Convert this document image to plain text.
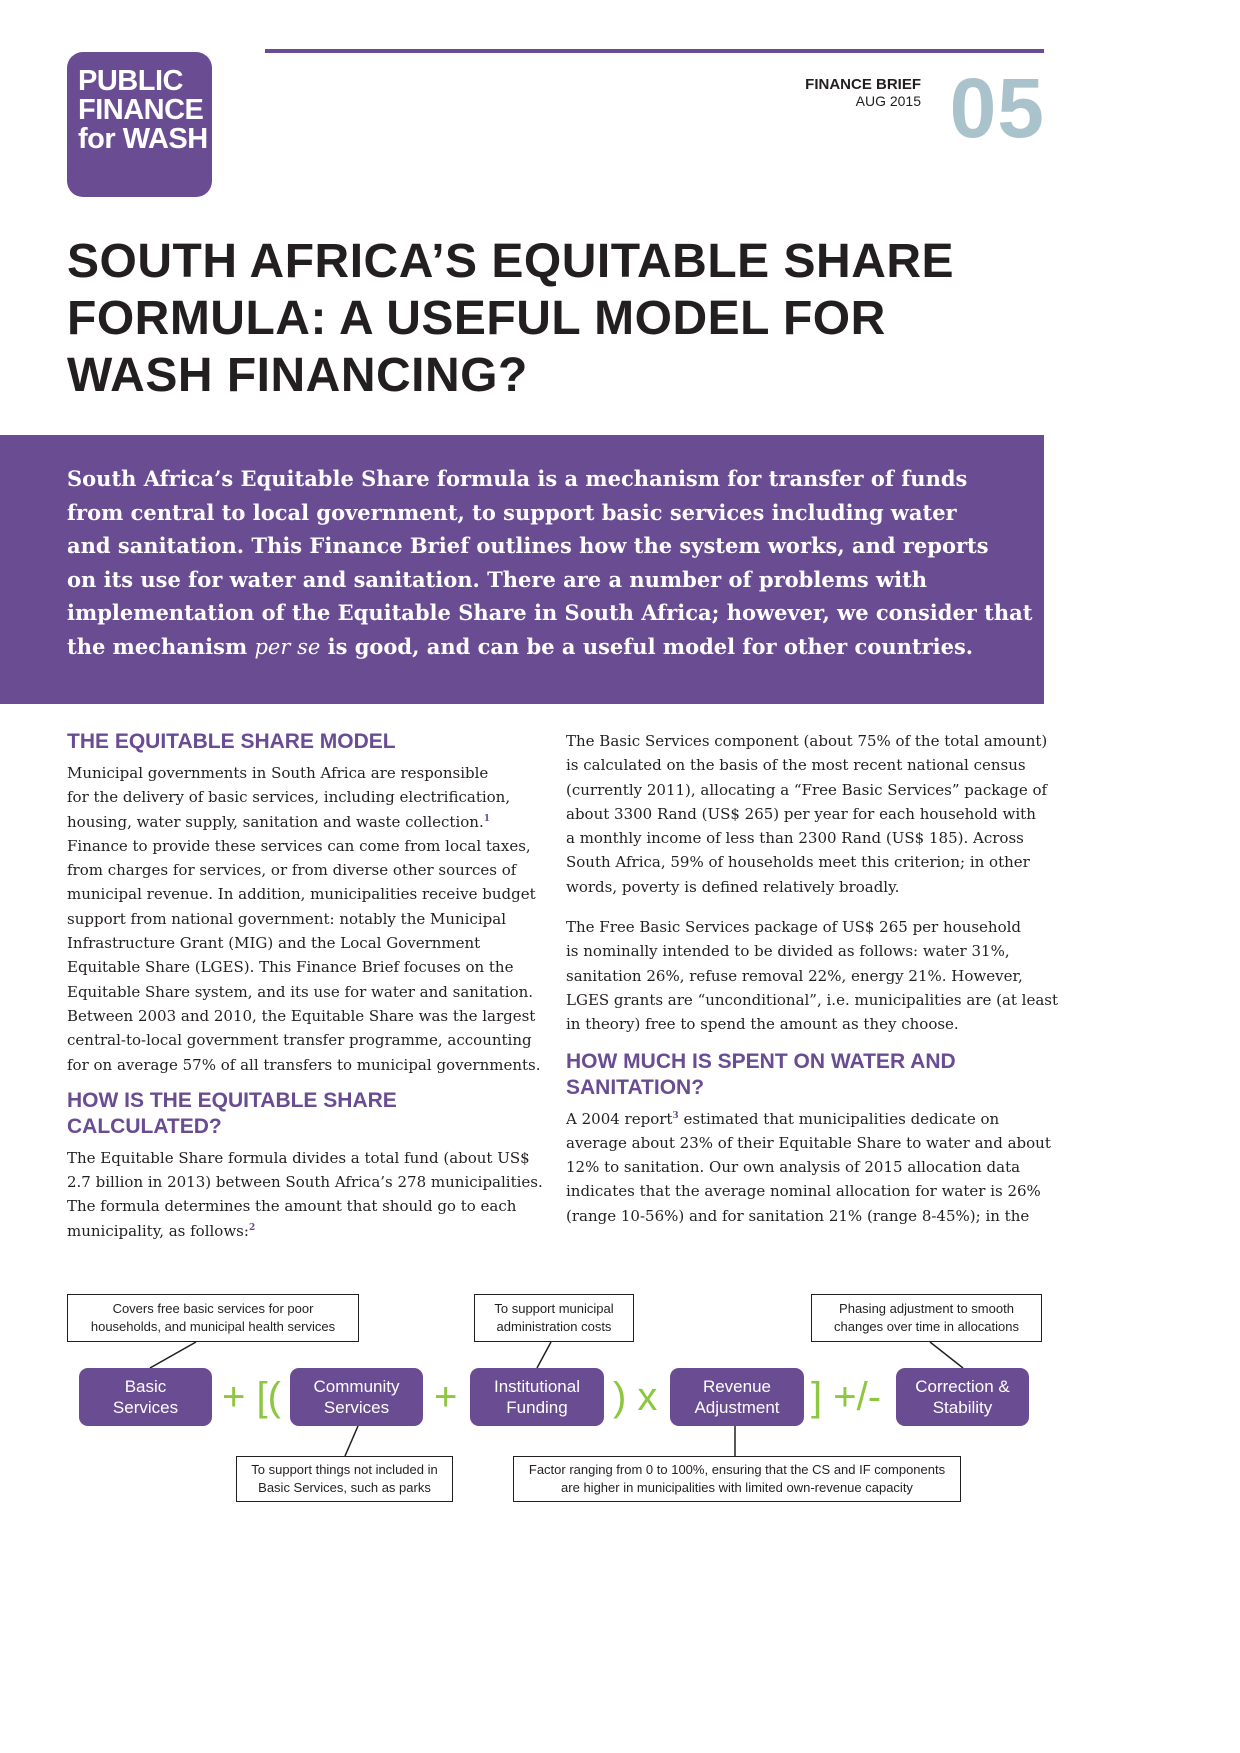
PUBLIC
FINANCE
for WASH
FINANCE BRIEF
AUG 2015 05
SOUTH AFRICA’S EQUITABLE SHARE
FORMULA: A USEFUL MODEL FOR
WASH FINANCING?
South Africa’s Equitable Share formula is a mechanism for transfer of funds
from central to local government, to support basic services including water
and sanitation. This Finance Brief outlines how the system works, and reports
on its use for water and sanitation. There are a number of problems with
implementation of the Equitable Share in South Africa; however, we consider that
the mechanism per se is good, and can be a useful model for other countries.
THE EQUITABLE SHARE MODEL
Municipal governments in South Africa are responsible
for the delivery of basic services, including electrification,
housing, water supply, sanitation and waste collection.$^1$
Finance to provide these services can come from local taxes,
from charges for services, or from diverse other sources of
municipal revenue. In addition, municipalities receive budget
support from national government: notably the Municipal
Infrastructure Grant (MIG) and the Local Government
Equitable Share (LGES). This Finance Brief focuses on the
Equitable Share system, and its use for water and sanitation.
Between 2003 and 2010, the Equitable Share was the largest
central-to-local government transfer programme, accounting
for on average 57% of all transfers to municipal governments.
HOW IS THE EQUITABLE SHARE
CALCULATED?
The Equitable Share formula divides a total fund (about US$
2.7 billion in 2013) between South Africa’s 278 municipalities.
The formula determines the amount that should go to each
municipality, as follows:$^2$
The Basic Services component (about 75% of the total amount)
is calculated on the basis of the most recent national census
(currently 2011), allocating a “Free Basic Services” package of
about 3300 Rand (US$ 265) per year for each household with
a monthly income of less than 2300 Rand (US$ 185). Across
South Africa, 59% of households meet this criterion; in other
words, poverty is defined relatively broadly.
The Free Basic Services package of US$ 265 per household
is nominally intended to be divided as follows: water 31%,
sanitation 26%, refuse removal 22%, energy 21%. However,
LGES grants are “unconditional”, i.e. municipalities are (at least
in theory) free to spend the amount as they choose.
HOW MUCH IS SPENT ON WATER AND
SANITATION?
A 2004 report$^3$ estimated that municipalities dedicate on
average about 23% of their Equitable Share to water and about
12% to sanitation. Our own analysis of 2015 allocation data
indicates that the average nominal allocation for water is 26%
(range 10-56%) and for sanitation 21% (range 8-45%); in the
Covers free basic services for poor
households, and municipal health services
To support municipal
administration costs
Phasing adjustment to smooth
changes over time in allocations
Basic
Services + [( Community
Services + Institutional
Funding	) x	Revenue
Adjustment ] +/- Correction &
Stability
To support things not included in
Basic Services, such as parks
Factor ranging from 0 to 100%, ensuring that the CS and IF components
are higher in municipalities with limited own-revenue capacity
